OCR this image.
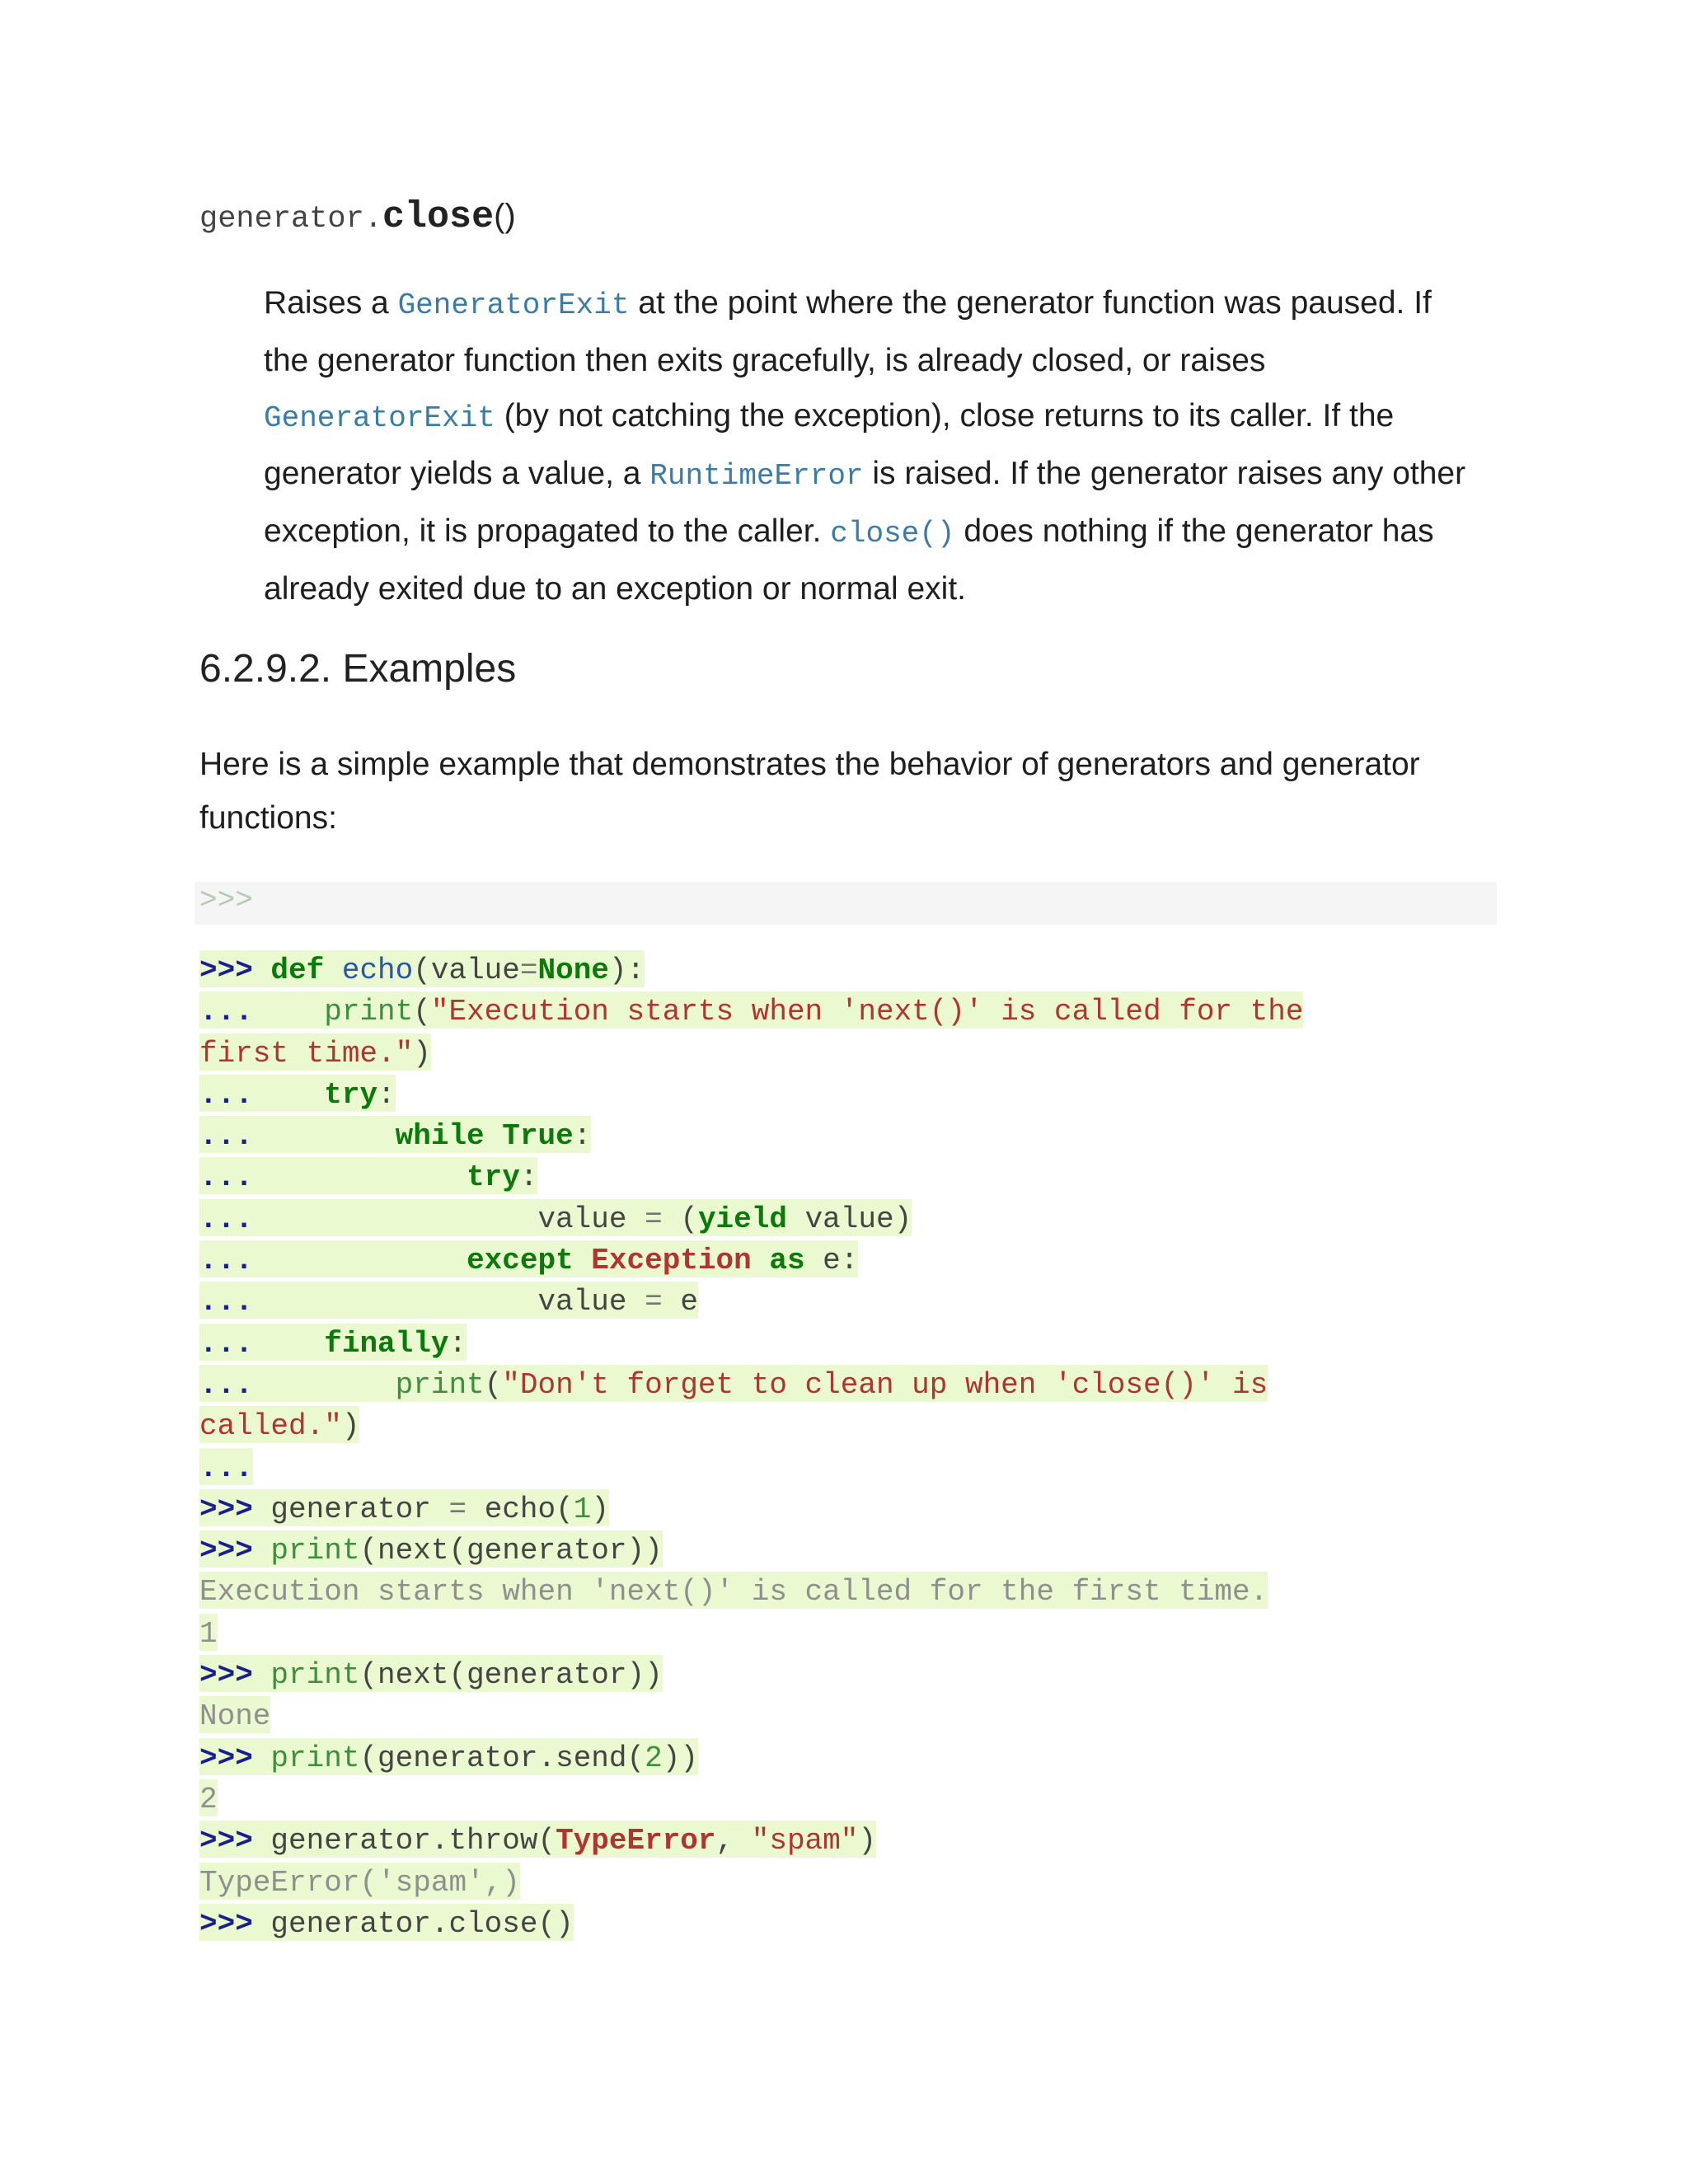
generator.close()
Raises a GeneratorExit at the point where the generator function was paused. If the generator function then exits gracefully, is already closed, or raises GeneratorExit (by not catching the exception), close returns to its caller. If the generator yields a value, a RuntimeError is raised. If the generator raises any other exception, it is propagated to the caller. close() does nothing if the generator has already exited due to an exception or normal exit.
6.2.9.2. Examples
Here is a simple example that demonstrates the behavior of generators and generator functions:
>>>
>>> def echo(value=None):
... print("Execution starts when 'next()' is called for the
first time.")
... try:
...	while True:
...	try:
...	value = (yield value)
...	except Exception as e:
...	value = e
... finally:
...	print("Don't forget to clean up when 'close()' is
called.")
...
>>> generator = echo(1)
>>> print(next(generator))
Execution starts when 'next()' is called for the first time.
1
>>> print(next(generator))
None
>>> print(generator.send(2))
2
>>> generator.throw(TypeError, "spam")
TypeError('spam',)
>>> generator.close()
